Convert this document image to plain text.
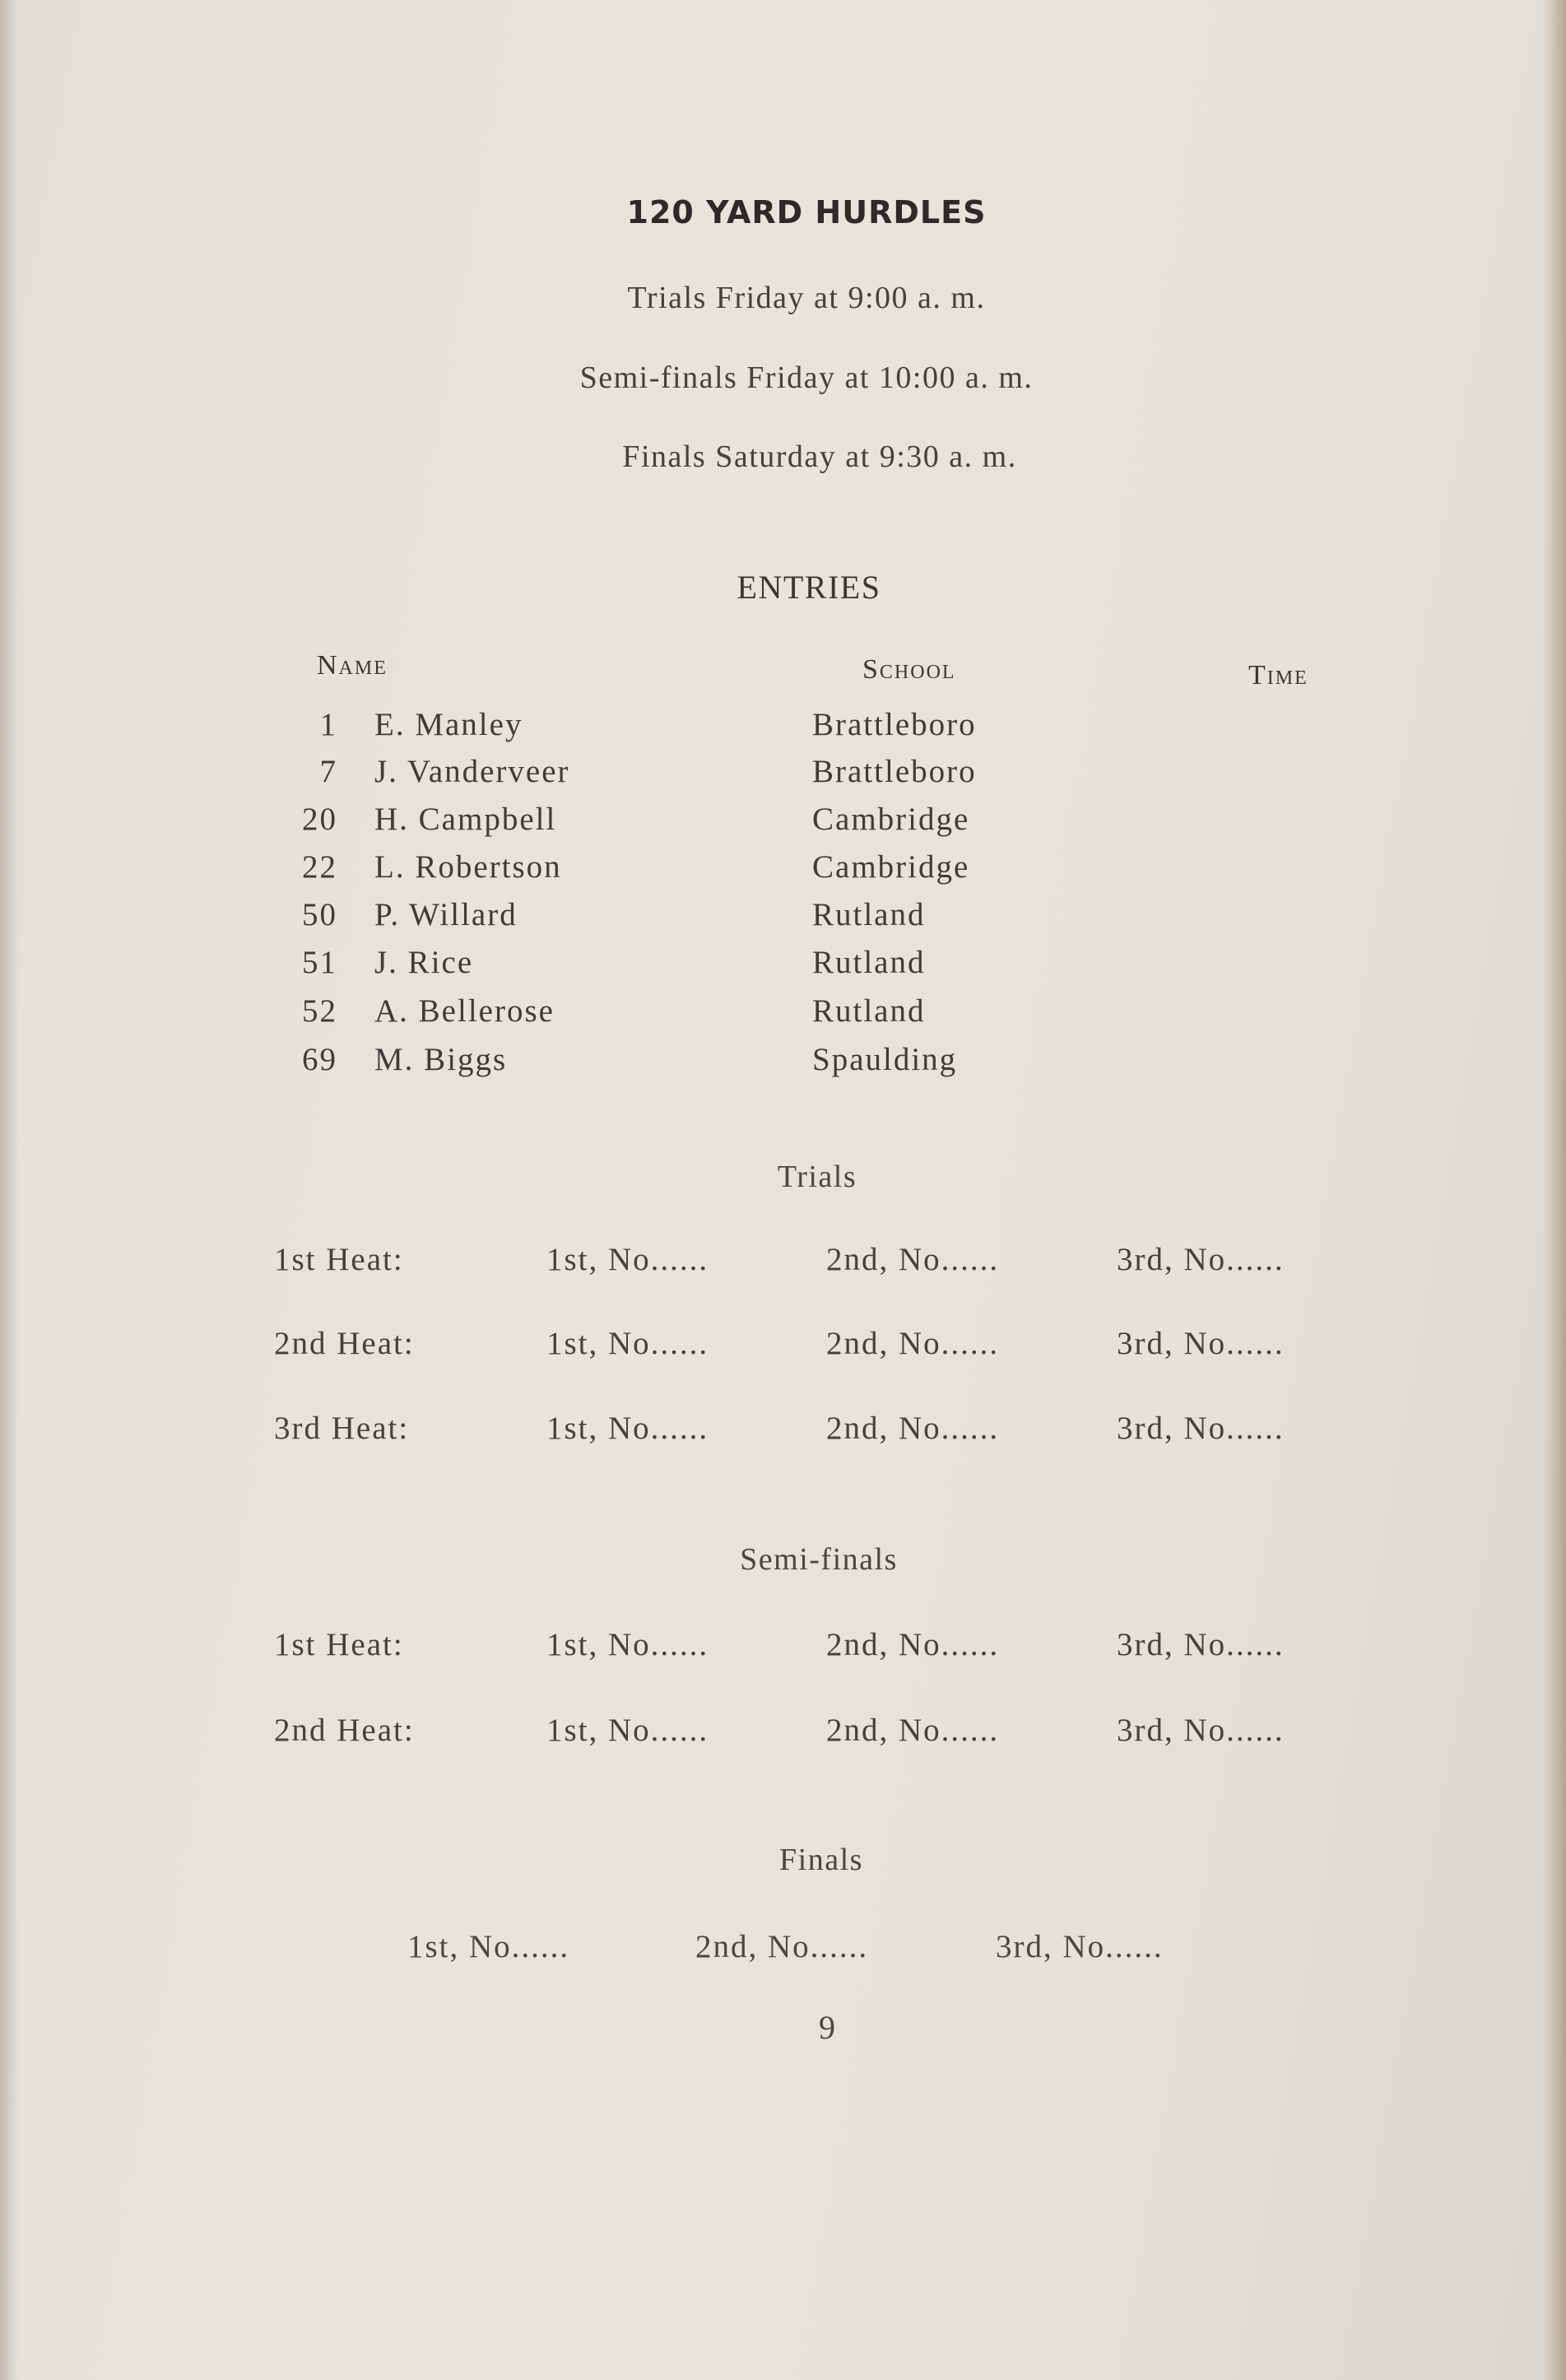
120 YARD HURDLES
Trials Friday at 9:00 a. m.
Semi-finals Friday at 10:00 a. m.
Finals Saturday at 9:30 a. m.
ENTRIES
Name	School	Time
1 E. Manley	Brattleboro
7 J. Vanderveer	Brattleboro
20 H. Campbell	Cambridge
22 L. Robertson	Cambridge
50 P. Willard	Rutland
51 J. Rice	Rutland
52 A. Bellerose	Rutland
69 M. Biggs	Spaulding
Trials
1st Heat:	1st, No......	2nd, No......	3rd, No......
2nd Heat:	1st, No......	2nd, No......	3rd, No......
3rd Heat:	1st, No......	2nd, No......	3rd, No......
Semi-finals
1st Heat:	1st, No......	2nd, No......	3rd, No......
2nd Heat:	1st, No......	2nd, No......	3rd, No......
Finals
1st, No......	2nd, No......	3rd, No......
9
